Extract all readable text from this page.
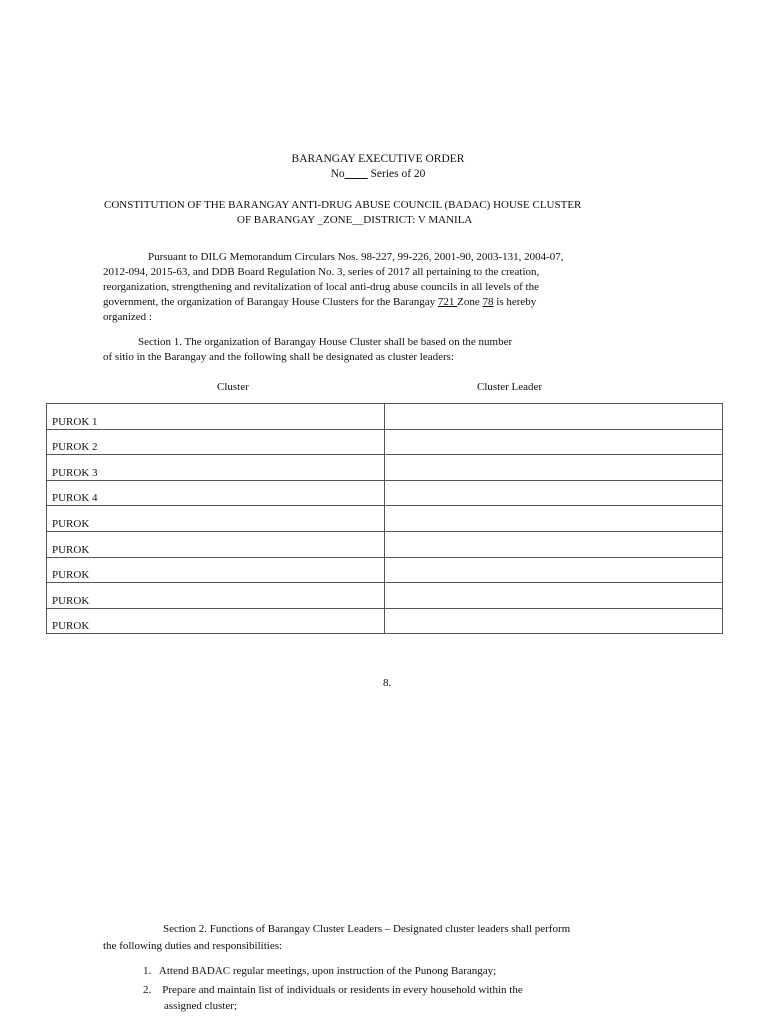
BARANGAY EXECUTIVE ORDER
No____ Series of 20
CONSTITUTION OF THE BARANGAY ANTI-DRUG ABUSE COUNCIL (BADAC) HOUSE CLUSTER
OF BARANGAY _ZONE__DISTRICT: V MANILA
Pursuant to DILG Memorandum Circulars Nos. 98-227, 99-226, 2001-90, 2003-131, 2004-07,
2012-094, 2015-63, and DDB Board Regulation No. 3, series of 2017 all pertaining to the creation,
reorganization, strengthening and revitalization of local anti-drug abuse councils in all levels of the
government, the organization of Barangay House Clusters for the Barangay 721 Zone 78 is hereby
organized :
Section 1. The organization of Barangay House Cluster shall be based on the number
of sitio in the Barangay and the following shall be designated as cluster leaders:
Cluster	Cluster Leader
PUROK 1	
PUROK 2	
PUROK 3	
PUROK 4	
PUROK	
PUROK	
PUROK	
PUROK	
PUROK	
8.
Section 2. Functions of Barangay Cluster Leaders – Designated cluster leaders shall perform
the following duties and responsibilities:
1. Attend BADAC regular meetings, upon instruction of the Punong Barangay;
2. Prepare and maintain list of individuals or residents in every household within the
assigned cluster;
